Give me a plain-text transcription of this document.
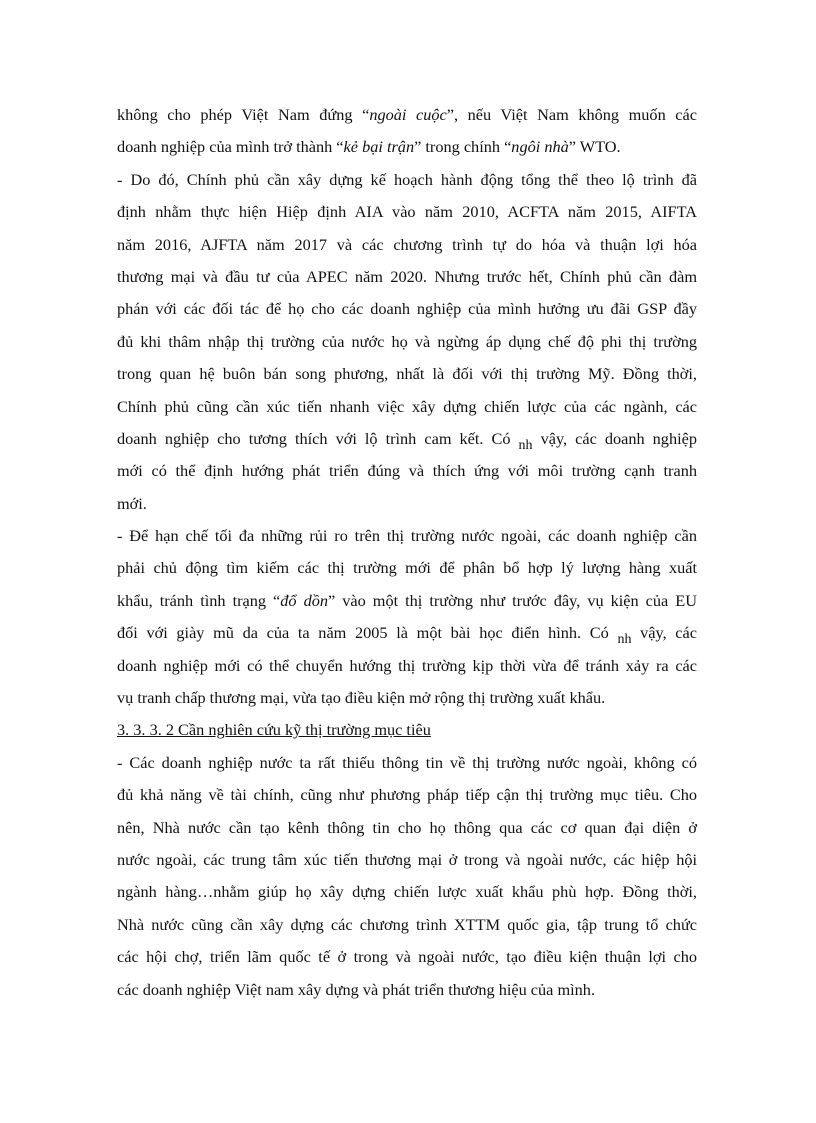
không cho phép Việt Nam đứng “ngoài cuộc”, nếu Việt Nam không muốn các
doanh nghiệp của mình trở thành “kẻ bại trận” trong chính “ngôi nhà” WTO.
- Do đó, Chính phủ cần xây dựng kế hoạch hành động tổng thể theo lộ trình đã
định nhằm thực hiện Hiệp định AIA vào năm 2010, ACFTA năm 2015, AIFTA
năm 2016, AJFTA năm 2017 và các chương trình tự do hóa và thuận lợi hóa
thương mại và đầu tư của APEC năm 2020. Nhưng trước hết, Chính phủ cần đàm
phán với các đối tác để họ cho các doanh nghiệp của mình hưởng ưu đãi GSP đầy
đủ khi thâm nhập thị trường của nước họ và ngừng áp dụng chế độ phi thị trường
trong quan hệ buôn bán song phương, nhất là đối với thị trường Mỹ. Đồng thời,
Chính phủ cũng cần xúc tiến nhanh việc xây dựng chiến lược của các ngành, các
doanh nghiệp cho tương thích với lộ trình cam kết. Có nh vậy, các doanh nghiệp
mới có thể định hướng phát triển đúng và thích ứng với môi trường cạnh tranh
mới.
- Để hạn chế tối đa những rủi ro trên thị trường nước ngoài, các doanh nghiệp cần
phải chủ động tìm kiếm các thị trường mới để phân bổ hợp lý lượng hàng xuất
khẩu, tránh tình trạng “đổ dồn” vào một thị trường như trước đây, vụ kiện của EU
đối với giày mũ da của ta năm 2005 là một bài học điển hình. Có nh vậy, các
doanh nghiệp mới có thể chuyển hướng thị trường kịp thời vừa để tránh xảy ra các
vụ tranh chấp thương mại, vừa tạo điều kiện mở rộng thị trường xuất khẩu.
3. 3. 3. 2 Cần nghiên cứu kỹ thị trường mục tiêu
- Các doanh nghiệp nước ta rất thiếu thông tin về thị trường nước ngoài, không có
đủ khả năng về tài chính, cũng như phương pháp tiếp cận thị trường mục tiêu. Cho
nên, Nhà nước cần tạo kênh thông tin cho họ thông qua các cơ quan đại diện ở
nước ngoài, các trung tâm xúc tiến thương mại ở trong và ngoài nước, các hiệp hội
ngành hàng…nhằm giúp họ xây dựng chiến lược xuất khẩu phù hợp. Đồng thời,
Nhà nước cũng cần xây dựng các chương trình XTTM quốc gia, tập trung tổ chức
các hội chợ, triển lãm quốc tế ở trong và ngoài nước, tạo điều kiện thuận lợi cho
các doanh nghiệp Việt nam xây dựng và phát triển thương hiệu của mình.
